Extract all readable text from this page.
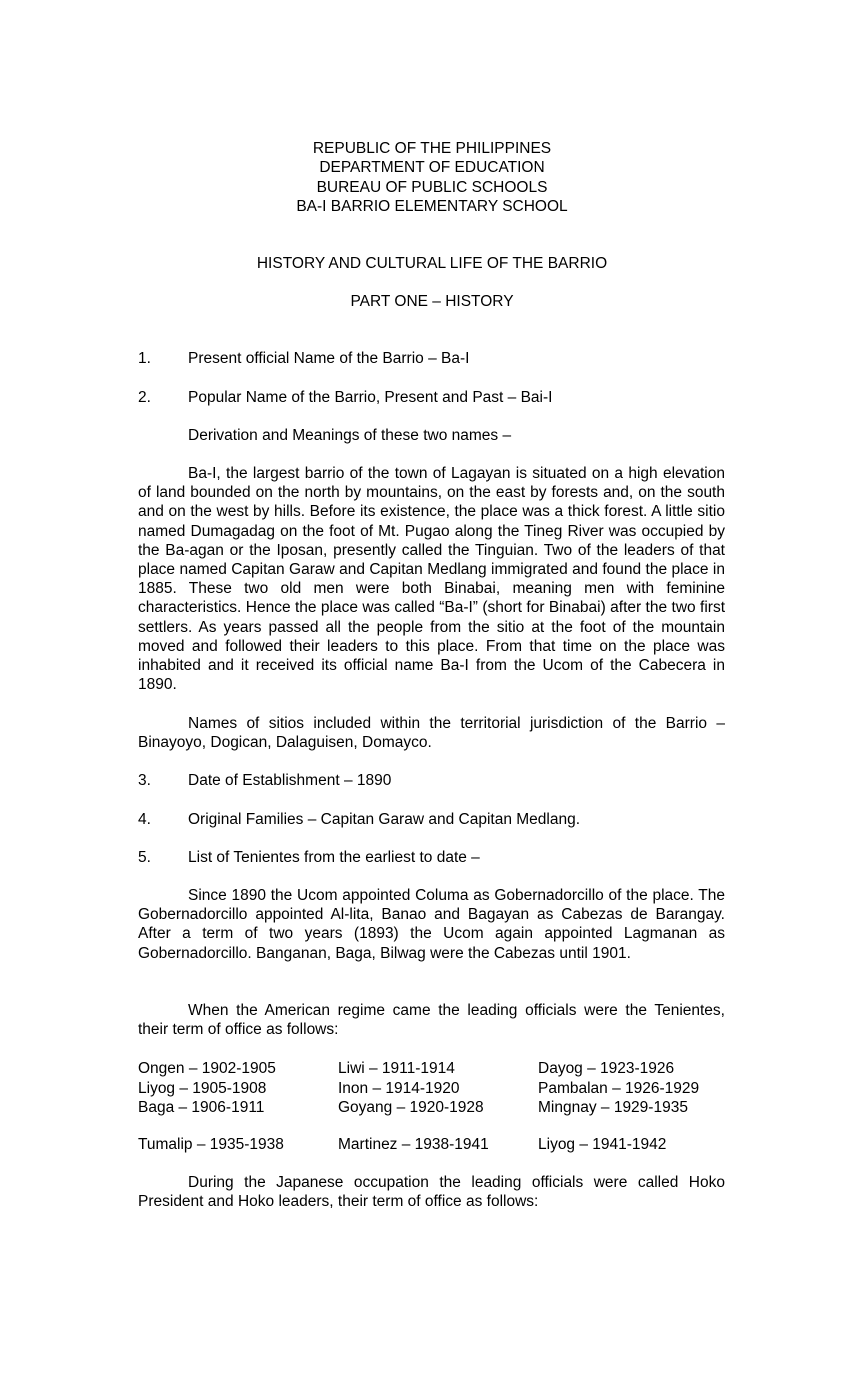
REPUBLIC OF THE PHILIPPINES
DEPARTMENT OF EDUCATION
BUREAU OF PUBLIC SCHOOLS
BA-I BARRIO ELEMENTARY SCHOOL
HISTORY AND CULTURAL LIFE OF THE BARRIO
PART ONE – HISTORY
1.	Present official Name of the Barrio – Ba-I
2.	Popular Name of the Barrio, Present and Past – Bai-I
Derivation and Meanings of these two names –
Ba-I, the largest barrio of the town of Lagayan is situated on a high elevation of land bounded on the north by mountains, on the east by forests and, on the south and on the west by hills. Before its existence, the place was a thick forest. A little sitio named Dumagadag on the foot of Mt. Pugao along the Tineg River was occupied by the Ba-agan or the Iposan, presently called the Tinguian. Two of the leaders of that place named Capitan Garaw and Capitan Medlang immigrated and found the place in 1885. These two old men were both Binabai, meaning men with feminine characteristics. Hence the place was called “Ba-I” (short for Binabai) after the two first settlers. As years passed all the people from the sitio at the foot of the mountain moved and followed their leaders to this place. From that time on the place was inhabited and it received its official name Ba-I from the Ucom of the Cabecera in 1890.
Names of sitios included within the territorial jurisdiction of the Barrio – Binayoyo, Dogican, Dalaguisen, Domayco.
3.	Date of Establishment – 1890
4.	Original Families – Capitan Garaw and Capitan Medlang.
5.	List of Tenientes from the earliest to date –
Since 1890 the Ucom appointed Columa as Gobernadorcillo of the place. The Gobernadorcillo appointed Al-lita, Banao and Bagayan as Cabezas de Barangay. After a term of two years (1893) the Ucom again appointed Lagmanan as Gobernadorcillo. Banganan, Baga, Bilwag were the Cabezas until 1901.
When the American regime came the leading officials were the Tenientes, their term of office as follows:
Ongen – 1902-1905	Liwi – 1911-1914	Dayog – 1923-1926
Liyog – 1905-1908	Inon – 1914-1920	Pambalan – 1926-1929
Baga – 1906-1911	Goyang – 1920-1928	Mingnay – 1929-1935
Tumalip – 1935-1938	Martinez – 1938-1941	Liyog – 1941-1942
During the Japanese occupation the leading officials were called Hoko President and Hoko leaders, their term of office as follows:
